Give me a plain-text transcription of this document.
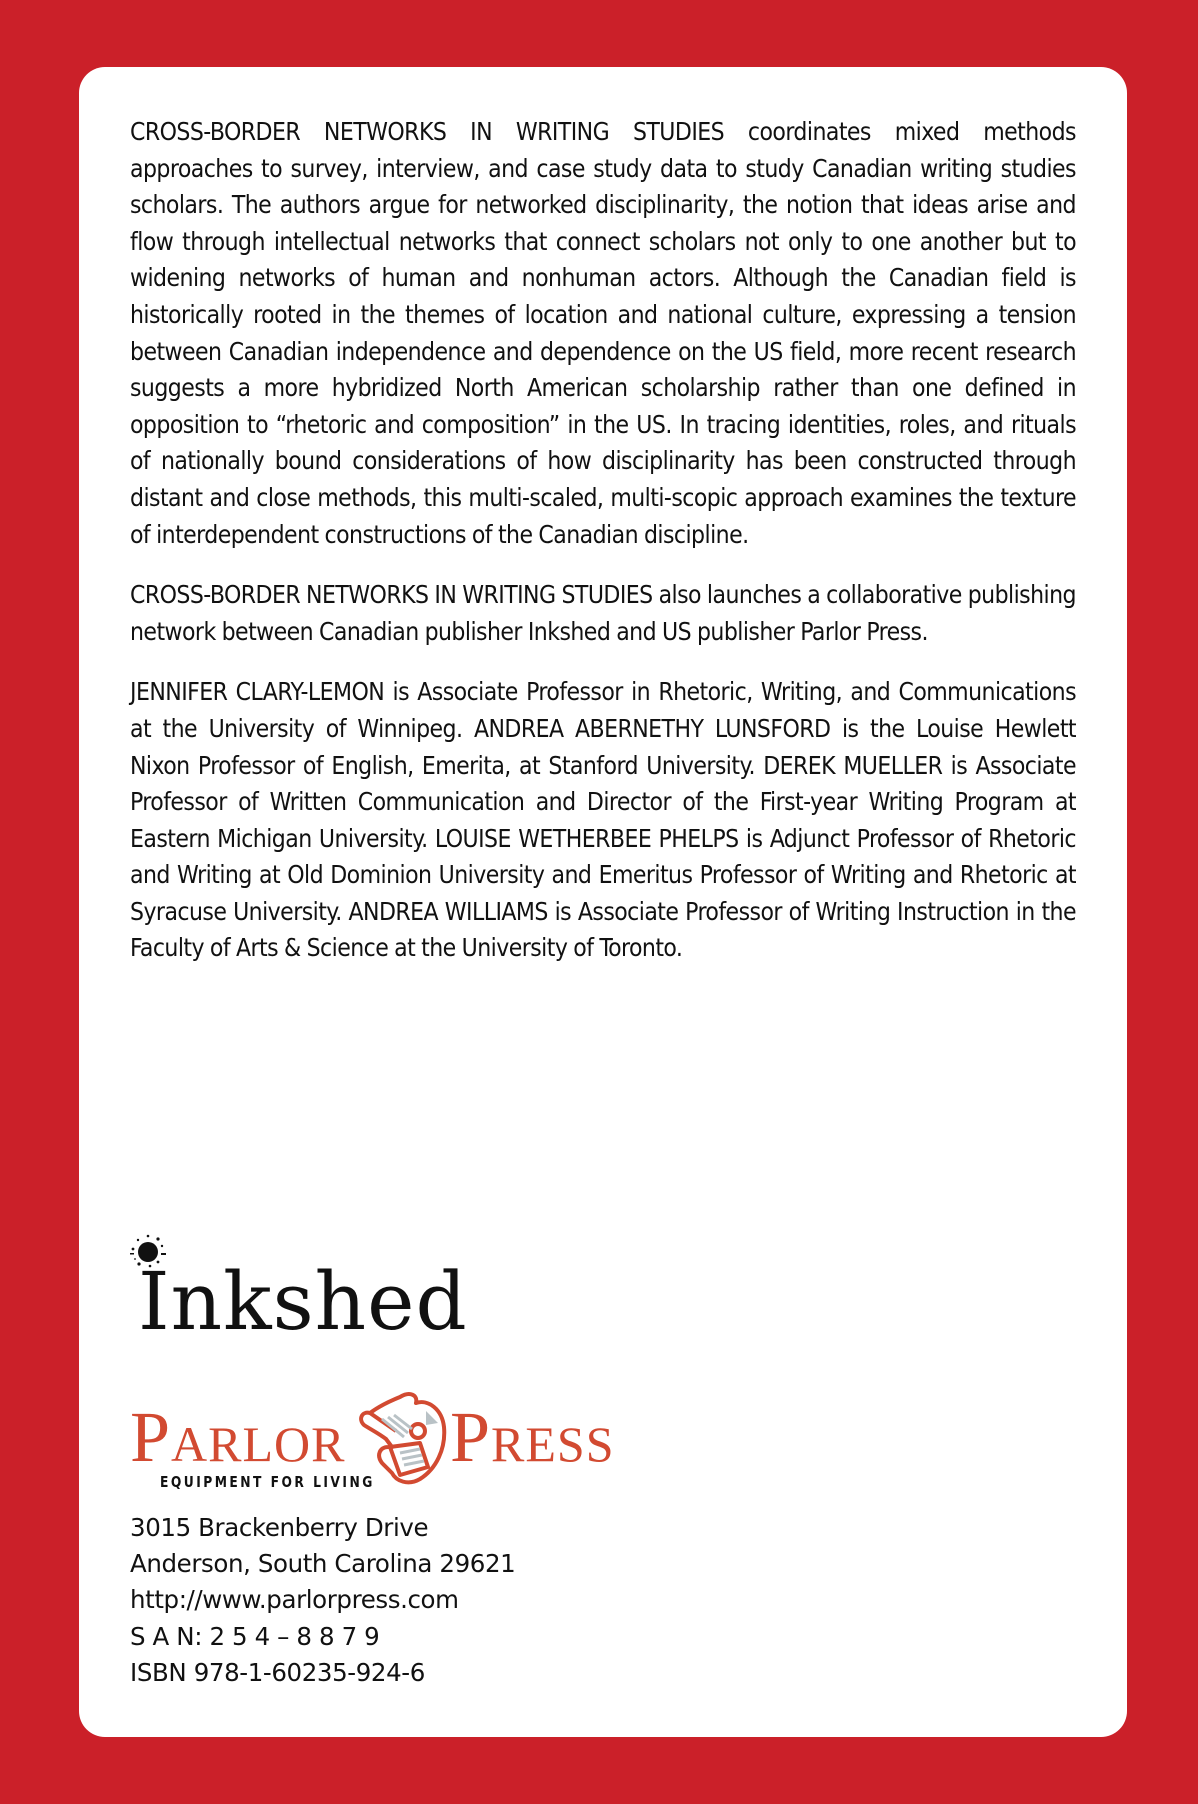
CROSS-BORDER NETWORKS IN WRITING STUDIES coordinates mixed methods approaches to survey, interview, and case study data to study Canadian writing studies scholars. The authors argue for networked disciplinarity, the notion that ideas arise and flow through intellectual networks that connect scholars not only to one another but to widening networks of human and nonhuman actors. Although the Canadian field is historically rooted in the themes of location and national culture, expressing a tension between Canadian independence and dependence on the US field, more recent research suggests a more hybridized North American scholarship rather than one defined in opposition to “rhetoric and composition” in the US. In tracing identities, roles, and rituals of nationally bound considerations of how disciplinarity has been constructed through distant and close methods, this multi-scaled, multi-scopic approach examines the texture of interdependent constructions of the Canadian discipline.

CROSS-BORDER NETWORKS IN WRITING STUDIES also launches a collaborative publishing network between Canadian publisher Inkshed and US publisher Parlor Press.

JENNIFER CLARY-LEMON is Associate Professor in Rhetoric, Writing, and Communications at the University of Winnipeg. ANDREA ABERNETHY LUNSFORD is the Louise Hewlett Nixon Professor of English, Emerita, at Stanford University. DEREK MUELLER is Associate Professor of Written Communication and Director of the First-year Writing Program at Eastern Michigan University. LOUISE WETHERBEE PHELPS is Adjunct Professor of Rhetoric and Writing at Old Dominion University and Emeritus Professor of Writing and Rhetoric at Syracuse University. ANDREA WILLIAMS is Associate Professor of Writing Instruction in the Faculty of Arts & Science at the University of Toronto.

Inkshed
Parlor Press
EQUIPMENT FOR LIVING
3015 Brackenberry Drive
Anderson, South Carolina 29621
http://www.parlorpress.com
S A N: 2 5 4 – 8 8 7 9
ISBN 978-1-60235-924-6
